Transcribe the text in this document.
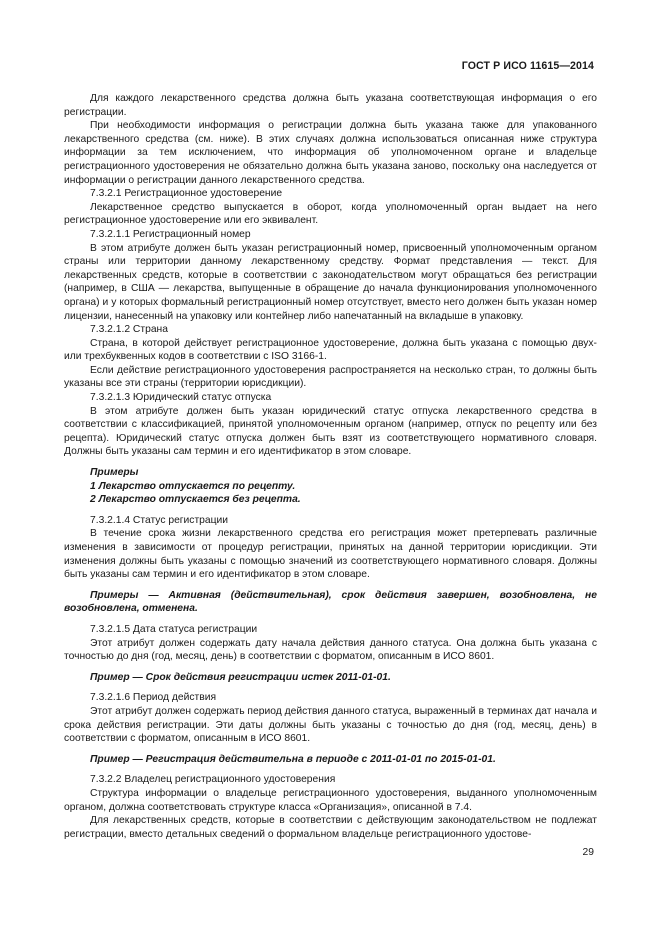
ГОСТ Р ИСО 11615—2014

Для каждого лекарственного средства должна быть указана соответствующая информация о его регистрации.

При необходимости информация о регистрации должна быть указана также для упакованного лекарственного средства (см. ниже). В этих случаях должна использоваться описанная ниже структура информации за тем исключением, что информация об уполномоченном органе и владельце регистрационного удостоверения не обязательно должна быть указана заново, поскольку она наследуется от информации о регистрации данного лекарственного средства.

7.3.2.1 Регистрационное удостоверение

Лекарственное средство выпускается в оборот, когда уполномоченный орган выдает на него регистрационное удостоверение или его эквивалент.

7.3.2.1.1 Регистрационный номер

В этом атрибуте должен быть указан регистрационный номер, присвоенный уполномоченным органом страны или территории данному лекарственному средству. Формат представления — текст. Для лекарственных средств, которые в соответствии с законодательством могут обращаться без регистрации (например, в США — лекарства, выпущенные в обращение до начала функционирования уполномоченного органа) и у которых формальный регистрационный номер отсутствует, вместо него должен быть указан номер лицензии, нанесенный на упаковку или контейнер либо напечатанный на вкладыше в упаковку.

7.3.2.1.2 Страна

Страна, в которой действует регистрационное удостоверение, должна быть указана с помощью двух- или трехбуквенных кодов в соответствии с ISO 3166-1.

Если действие регистрационного удостоверения распространяется на несколько стран, то должны быть указаны все эти страны (территории юрисдикции).

7.3.2.1.3 Юридический статус отпуска

В этом атрибуте должен быть указан юридический статус отпуска лекарственного средства в соответствии с классификацией, принятой уполномоченным органом (например, отпуск по рецепту или без рецепта). Юридический статус отпуска должен быть взят из соответствующего нормативного словаря. Должны быть указаны сам термин и его идентификатор в этом словаре.

Примеры

1 Лекарство отпускается по рецепту.

2 Лекарство отпускается без рецепта.

7.3.2.1.4 Статус регистрации

В течение срока жизни лекарственного средства его регистрация может претерпевать различные изменения в зависимости от процедур регистрации, принятых на данной территории юрисдикции. Эти изменения должны быть указаны с помощью значений из соответствующего нормативного словаря. Должны быть указаны сам термин и его идентификатор в этом словаре.

Примеры — Активная (действительная), срок действия завершен, возобновлена, не возобновлена, отменена.

7.3.2.1.5 Дата статуса регистрации

Этот атрибут должен содержать дату начала действия данного статуса. Она должна быть указана с точностью до дня (год, месяц, день) в соответствии с форматом, описанным в ИСО 8601.

Пример — Срок действия регистрации истек 2011-01-01.

7.3.2.1.6 Период действия

Этот атрибут должен содержать период действия данного статуса, выраженный в терминах дат начала и срока действия регистрации. Эти даты должны быть указаны с точностью до дня (год, месяц, день) в соответствии с форматом, описанным в ИСО 8601.

Пример — Регистрация действительна в периоде с 2011-01-01 по 2015-01-01.

7.3.2.2 Владелец регистрационного удостоверения

Структура информации о владельце регистрационного удостоверения, выданного уполномоченным органом, должна соответствовать структуре класса «Организация», описанной в 7.4.

Для лекарственных средств, которые в соответствии с действующим законодательством не подлежат регистрации, вместо детальных сведений о формальном владельце регистрационного удостове-

29
